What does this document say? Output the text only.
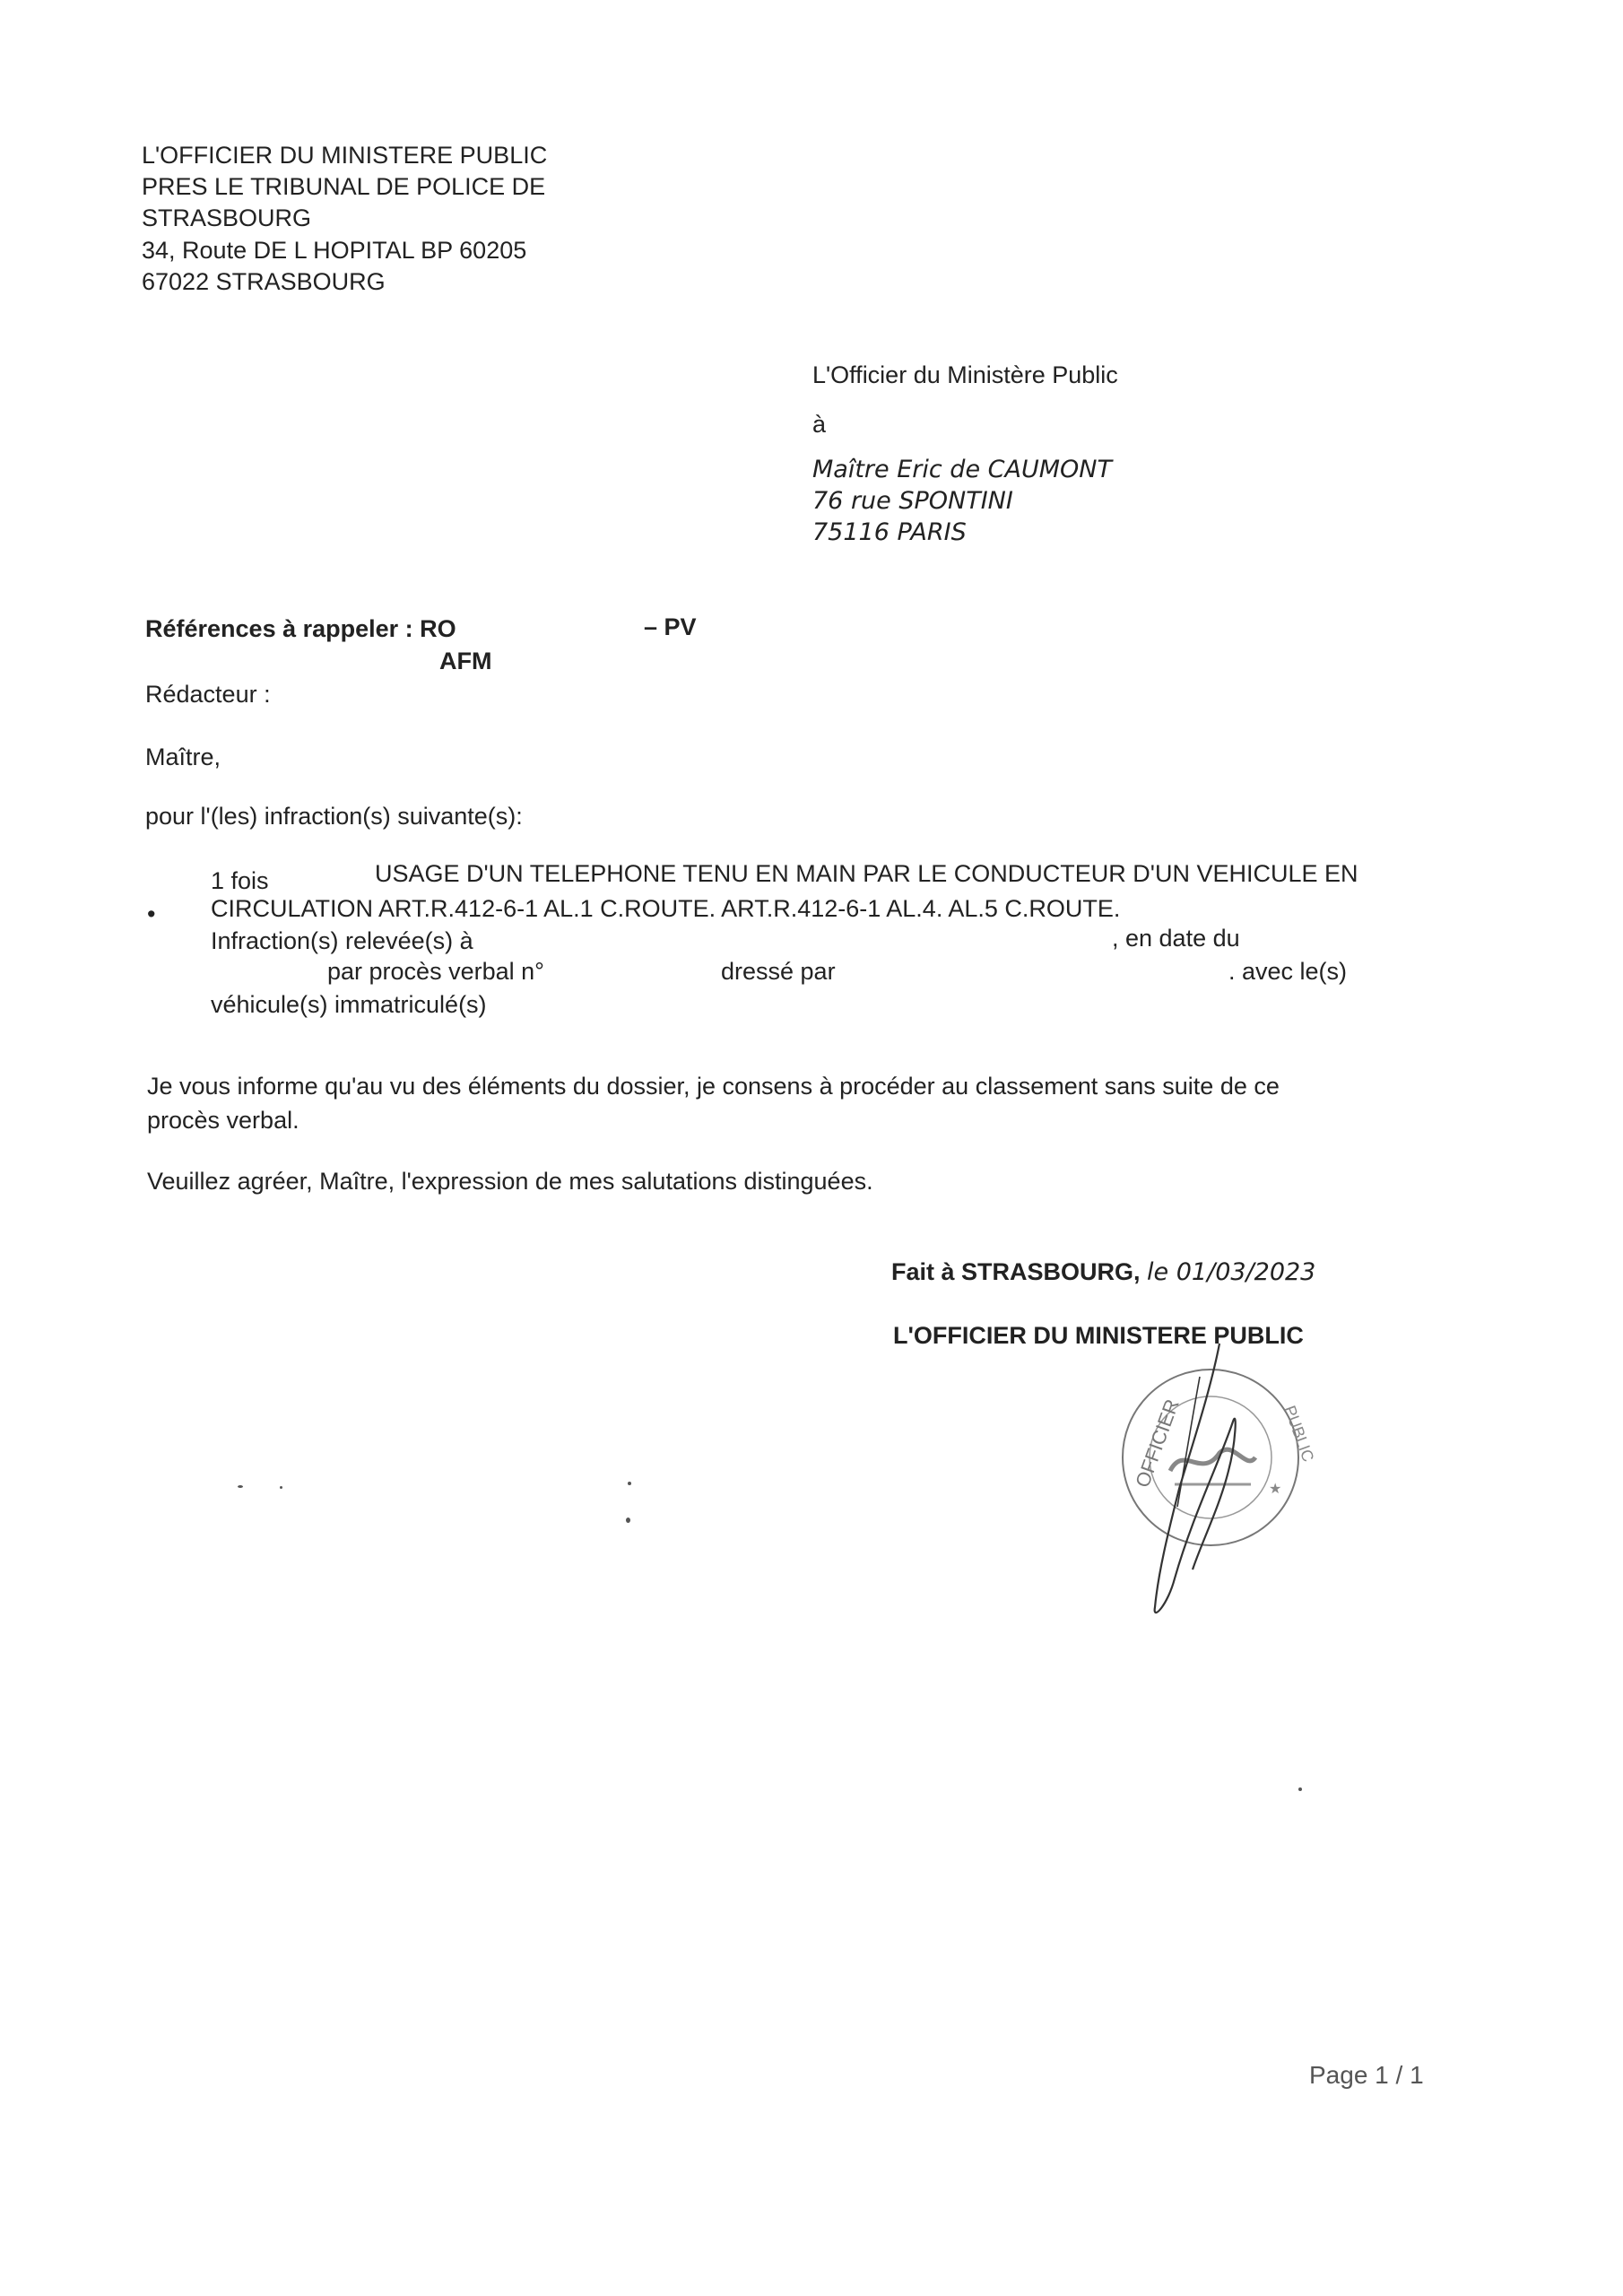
L'OFFICIER DU MINISTERE PUBLIC
PRES LE TRIBUNAL DE POLICE DE
STRASBOURG
34, Route DE L HOPITAL BP 60205
67022 STRASBOURG
L'Officier du Ministère Public
à
Maître Eric de CAUMONT
76 rue SPONTINI
75116 PARIS
Références à rappeler : RO	– PV
AFM
Rédacteur :
Maître,
pour l'(les) infraction(s) suivante(s):
1 fois	USAGE D'UN TELEPHONE TENU EN MAIN PAR LE CONDUCTEUR D'UN VEHICULE EN
• CIRCULATION ART.R.412-6-1 AL.1 C.ROUTE. ART.R.412-6-1 AL.4. AL.5 C.ROUTE.
Infraction(s) relevée(s) à	, en date du
par procès verbal n°	dressé par	. avec le(s)
véhicule(s) immatriculé(s)
Je vous informe qu'au vu des éléments du dossier, je consens à procéder au classement sans suite de ce
procès verbal.
Veuillez agréer, Maître, l'expression de mes salutations distinguées.
Fait à STRASBOURG, le 01/03/2023
L'OFFICIER DU MINISTERE PUBLIC
OFFICIER	PUBLIC
★
Page 1 / 1
